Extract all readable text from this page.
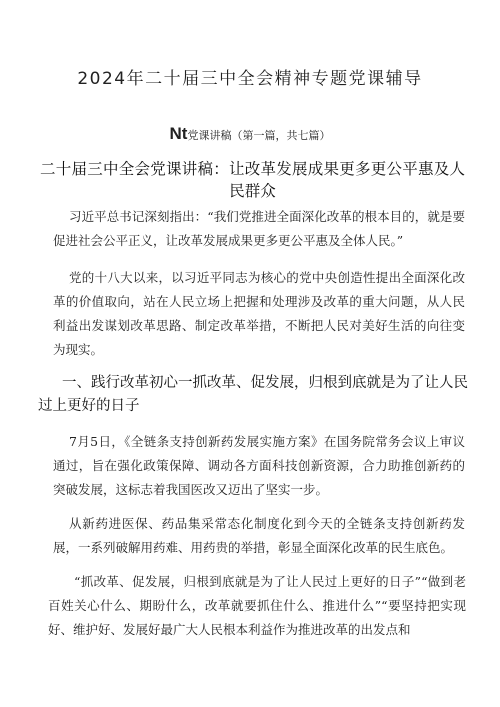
2024年二十届三中全会精神专题党课辅导
Nt党课讲稿（第一篇，共七篇）
二十届三中全会党课讲稿：让改革发展成果更多更公平惠及人民群众

习近平总书记深刻指出：“我们党推进全面深化改革的根本目的，就是要促进社会公平正义，让改革发展成果更多更公平惠及全体人民。”

党的十八大以来，以习近平同志为核心的党中央创造性提出全面深化改革的价值取向，站在人民立场上把握和处理涉及改革的重大问题，从人民利益出发谋划改革思路、制定改革举措，不断把人民对美好生活的向往变为现实。

一、践行改革初心一抓改革、促发展，归根到底就是为了让人民过上更好的日子

7月5日，《全链条支持创新药发展实施方案》在国务院常务会议上审议通过，旨在强化政策保障、调动各方面科技创新资源，合力助推创新药的突破发展，这标志着我国医改又迈出了坚实一步。

从新药进医保、药品集采常态化制度化到今天的全链条支持创新药发展，一系列破解用药难、用药贵的举措，彰显全面深化改革的民生底色。

“抓改革、促发展，归根到底就是为了让人民过上更好的日子”“做到老百姓关心什么、期盼什么，改革就要抓住什么、推进什么”“要坚持把实现好、维护好、发展好最广大人民根本利益作为推进改革的出发点和
